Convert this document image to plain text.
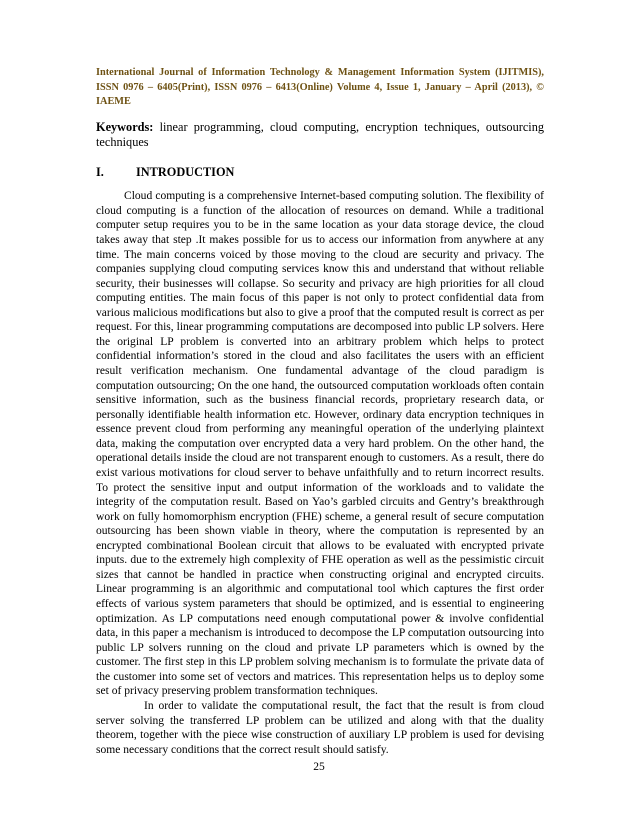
International Journal of Information Technology & Management Information System (IJITMIS), ISSN 0976 – 6405(Print), ISSN 0976 – 6413(Online) Volume 4, Issue 1, January – April (2013), © IAEME
Keywords: linear programming, cloud computing, encryption techniques, outsourcing techniques
I.	INTRODUCTION

Cloud computing is a comprehensive Internet-based computing solution. The flexibility of cloud computing is a function of the allocation of resources on demand. While a traditional computer setup requires you to be in the same location as your data storage device, the cloud takes away that step .It makes possible for us to access our information from anywhere at any time. The main concerns voiced by those moving to the cloud are security and privacy. The companies supplying cloud computing services know this and understand that without reliable security, their businesses will collapse. So security and privacy are high priorities for all cloud computing entities. The main focus of this paper is not only to protect confidential data from various malicious modifications but also to give a proof that the computed result is correct as per request. For this, linear programming computations are decomposed into public LP solvers. Here the original LP problem is converted into an arbitrary problem which helps to protect confidential information’s stored in the cloud and also facilitates the users with an efficient result verification mechanism. One fundamental advantage of the cloud paradigm is computation outsourcing; On the one hand, the outsourced computation workloads often contain sensitive information, such as the business financial records, proprietary research data, or personally identifiable health information etc. However, ordinary data encryption techniques in essence prevent cloud from performing any meaningful operation of the underlying plaintext data, making the computation over encrypted data a very hard problem. On the other hand, the operational details inside the cloud are not transparent enough to customers. As a result, there do exist various motivations for cloud server to behave unfaithfully and to return incorrect results. To protect the sensitive input and output information of the workloads and to validate the integrity of the computation result. Based on Yao’s garbled circuits and Gentry’s breakthrough work on fully homomorphism encryption (FHE) scheme, a general result of secure computation outsourcing has been shown viable in theory, where the computation is represented by an encrypted combinational Boolean circuit that allows to be evaluated with encrypted private inputs. due to the extremely high complexity of FHE operation as well as the pessimistic circuit sizes that cannot be handled in practice when constructing original and encrypted circuits. Linear programming is an algorithmic and computational tool which captures the first order effects of various system parameters that should be optimized, and is essential to engineering optimization. As LP computations need enough computational power & involve confidential data, in this paper a mechanism is introduced to decompose the LP computation outsourcing into public LP solvers running on the cloud and private LP parameters which is owned by the customer. The first step in this LP problem solving mechanism is to formulate the private data of the customer into some set of vectors and matrices. This representation helps us to deploy some set of privacy preserving problem transformation techniques.

In order to validate the computational result, the fact that the result is from cloud server solving the transferred LP problem can be utilized and along with that the duality theorem, together with the piece wise construction of auxiliary LP problem is used for devising some necessary conditions that the correct result should satisfy.

25
